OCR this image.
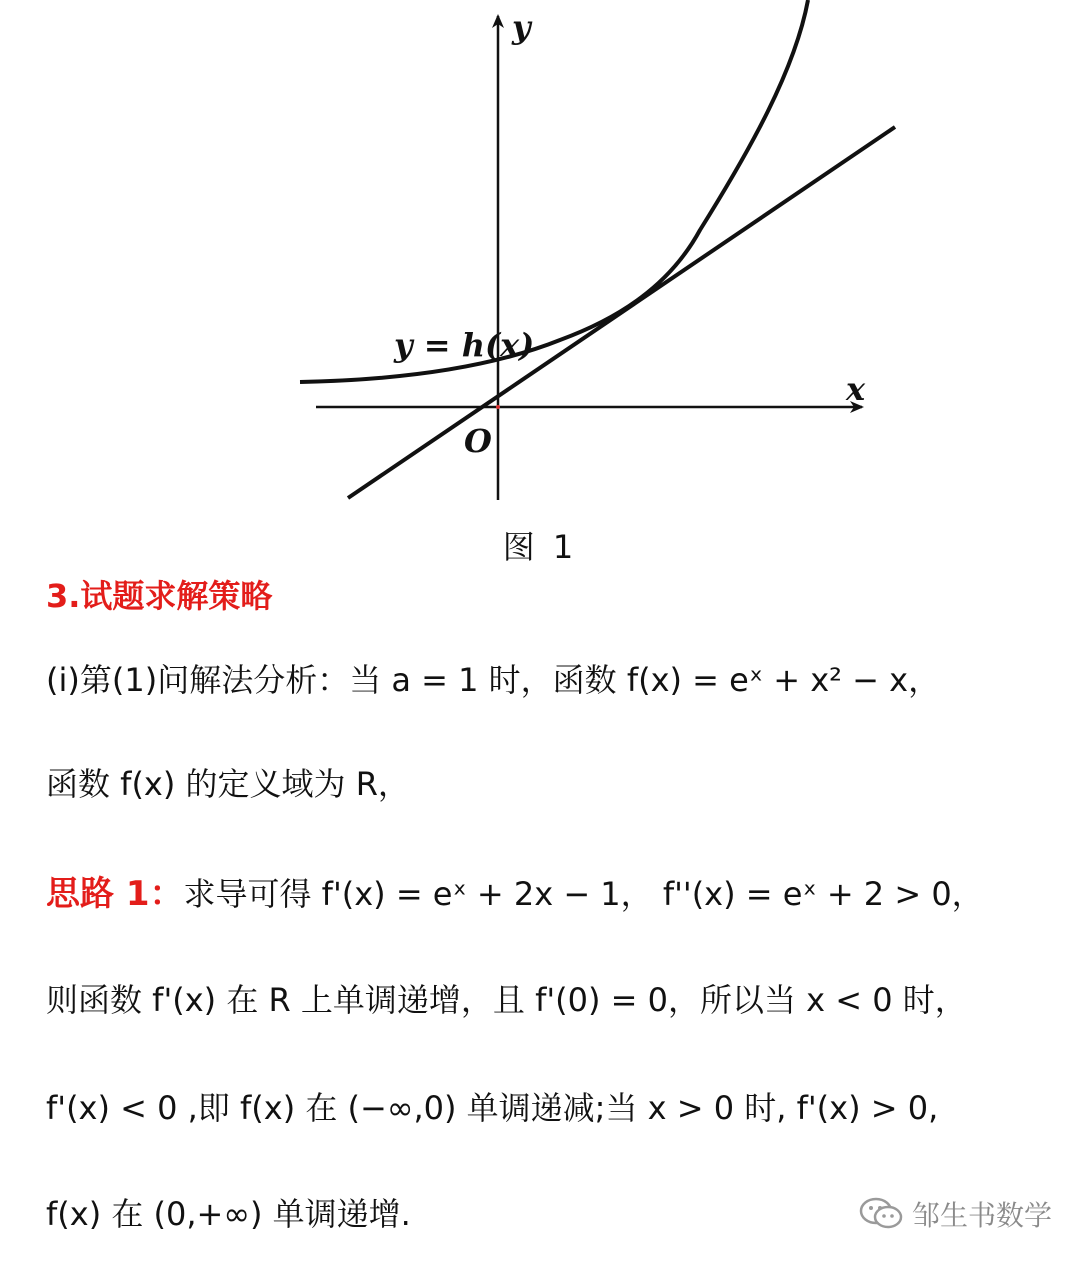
y
x
O
y = h(x)
图 1
3.试题求解策略
(ⅰ)第(1)问解法分析：当 a = 1 时，函数 f(x) = eˣ + x² − x，
函数 f(x) 的定义域为 R，
思路 1：求导可得 f'(x) = eˣ + 2x − 1， f''(x) = eˣ + 2 > 0，
则函数 f'(x) 在 R 上单调递增，且 f'(0) = 0，所以当 x < 0 时，
f'(x) < 0 ,即 f(x) 在 (−∞,0) 单调递减;当 x > 0 时, f'(x) > 0,
f(x) 在 (0,+∞) 单调递增.	邹生书数学
